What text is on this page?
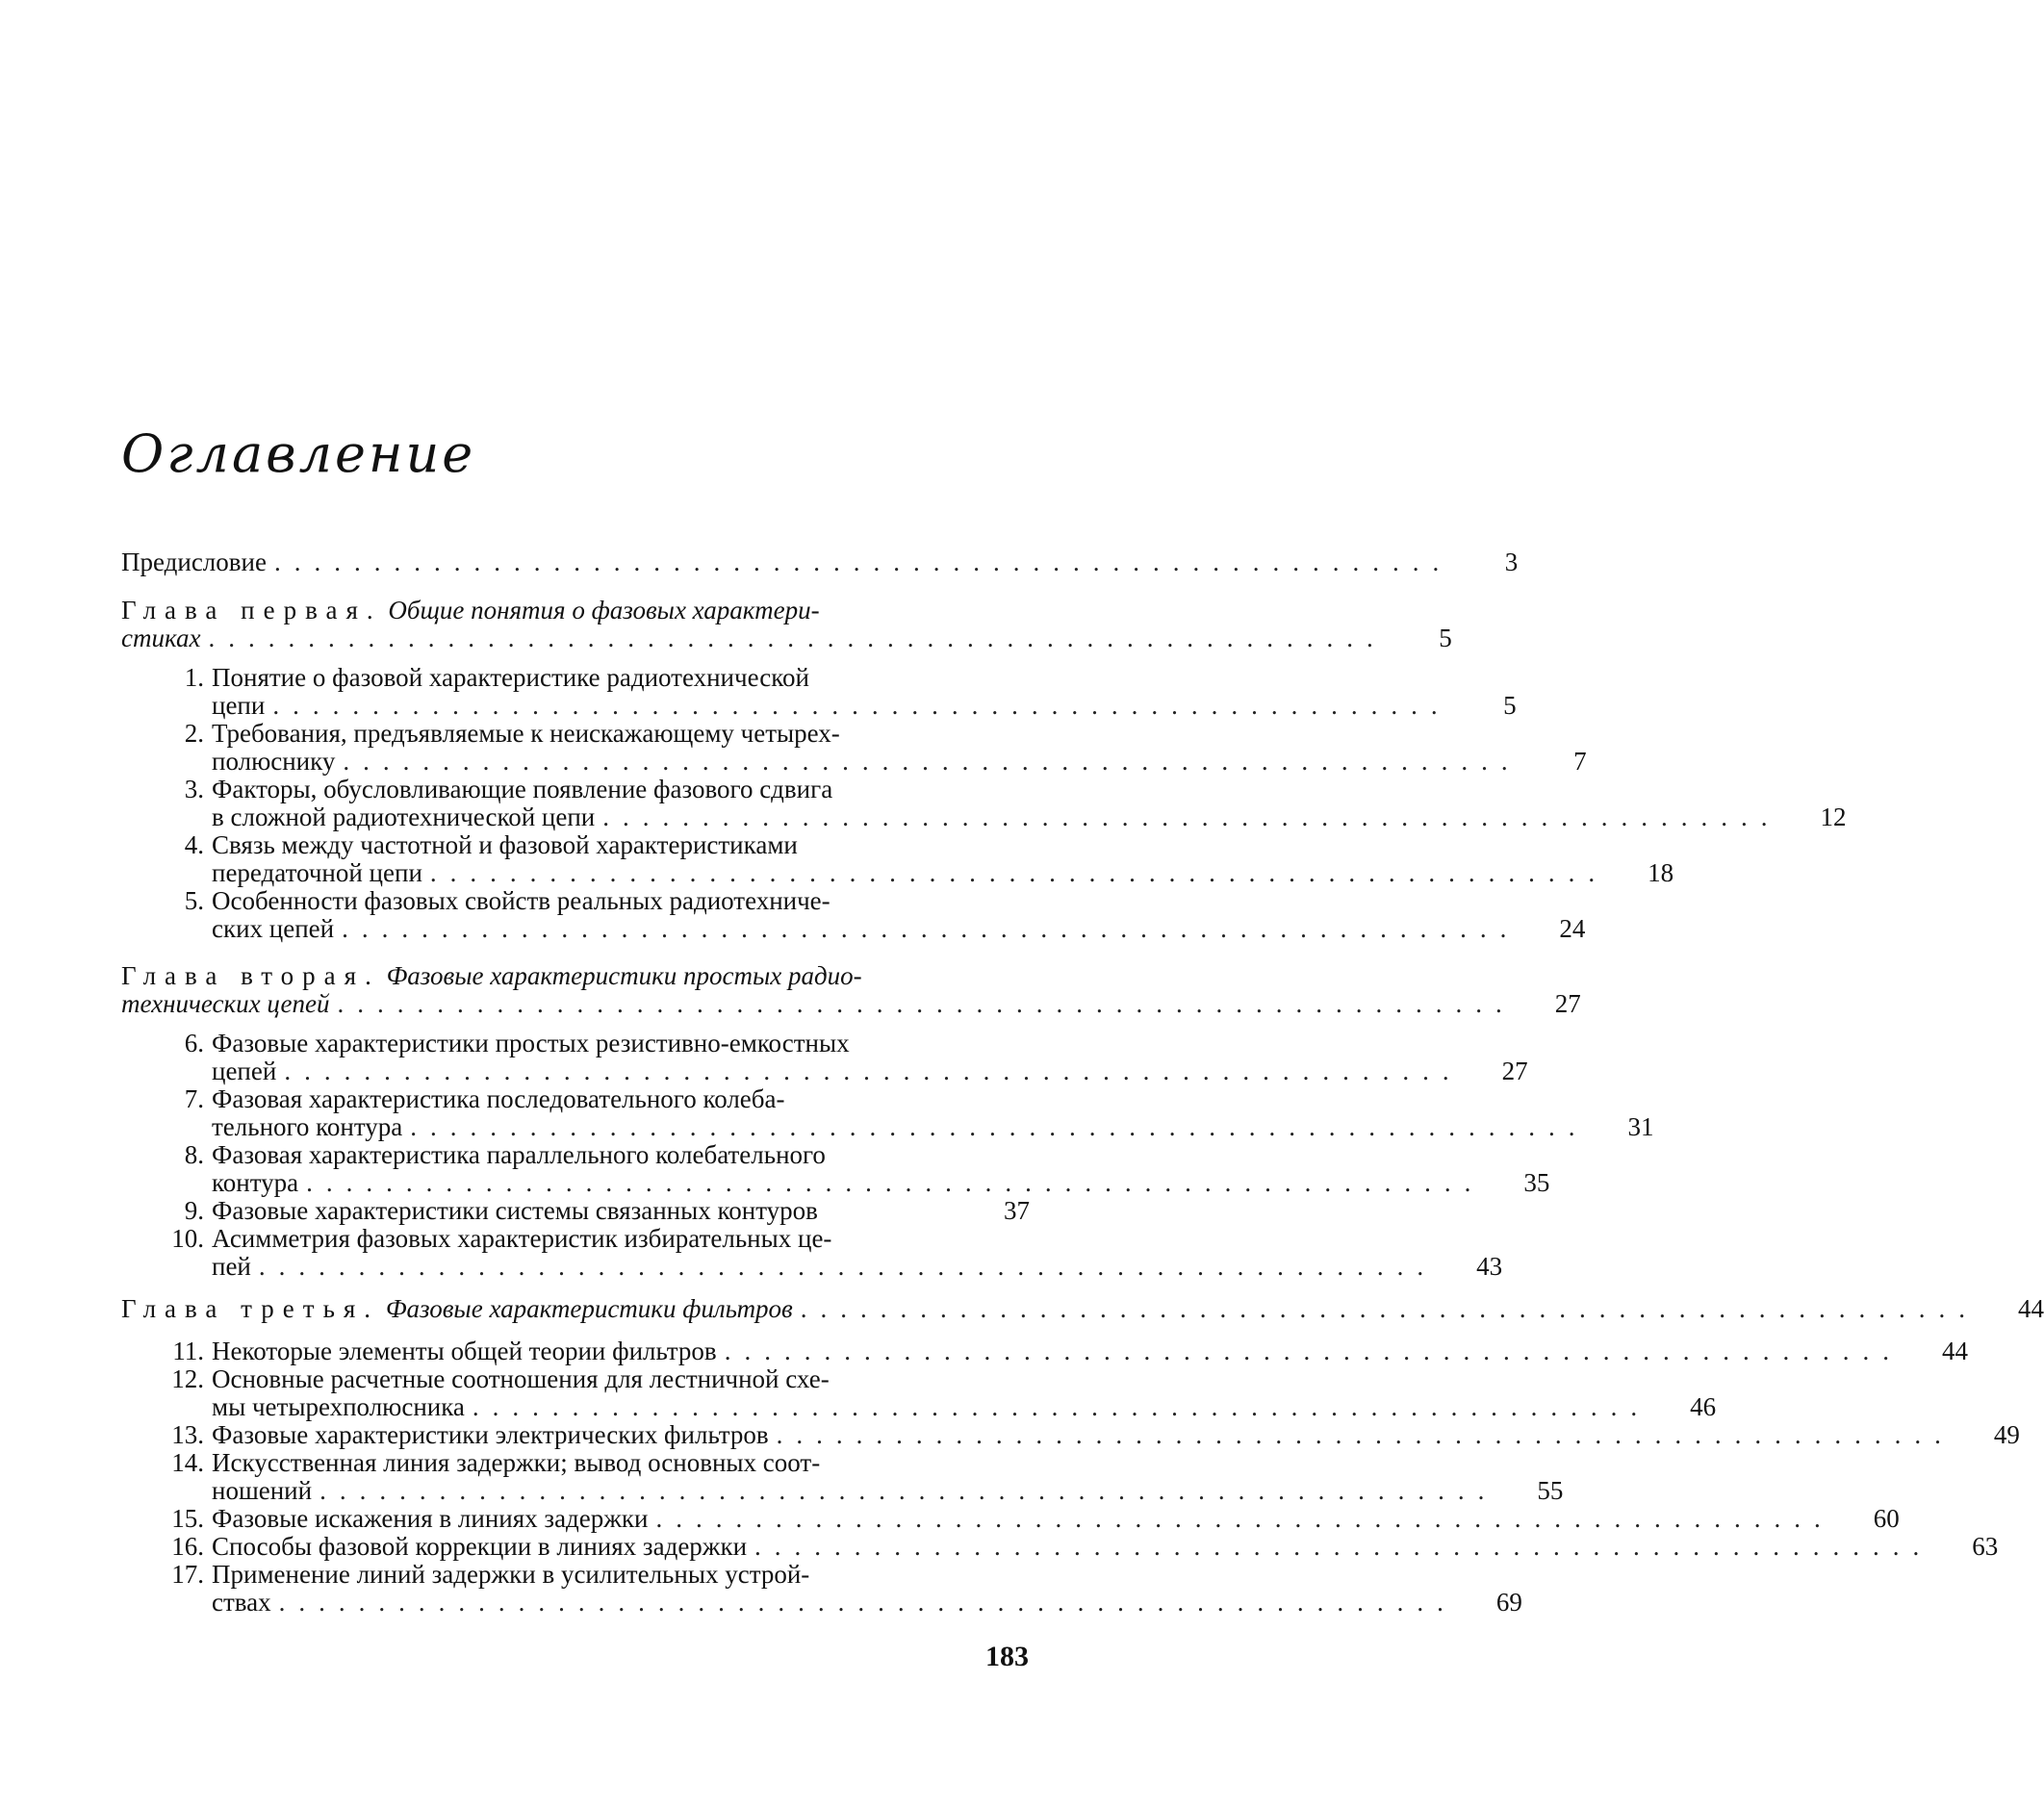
Оглавление
Предисловие ...........................................................	3
Глава первая. Общие понятия о фазовых характери-
стиках ...........................................................	5
1. Понятие о фазовой характеристике радиотехнической
цепи ...........................................................	5
2. Требования, предъявляемые к неискажающему четырех-
полюснику ...........................................................	7
3. Факторы, обусловливающие появление фазового сдвига
в сложной радиотехнической цепи ...........................................................	12
4. Связь между частотной и фазовой характеристиками
передаточной цепи ...........................................................	18
5. Особенности фазовых свойств реальных радиотехниче-
ских цепей ...........................................................	24
Глава вторая. Фазовые характеристики простых радио-
технических цепей ...........................................................	27
6. Фазовые характеристики простых резистивно-емкостных
цепей ...........................................................	27
7. Фазовая характеристика последовательного колеба-
тельного контура ...........................................................	31
8. Фазовая характеристика параллельного колебательного
контура ...........................................................	35
9. Фазовые характеристики системы связанных контуров	37
10. Асимметрия фазовых характеристик избирательных це-
пей ...........................................................	43
Глава третья. Фазовые характеристики фильтров ...........................................................	44
11. Некоторые элементы общей теории фильтров ...........................................................	44
12. Основные расчетные соотношения для лестничной схе-
мы четырехполюсника ...........................................................	46
13. Фазовые характеристики электрических фильтров ...........................................................	49
14. Искусственная линия задержки; вывод основных соот-
ношений ...........................................................	55
15. Фазовые искажения в линиях задержки ...........................................................	60
16. Способы фазовой коррекции в линиях задержки ...........................................................	63
17. Применение линий задержки в усилительных устрой-
ствах ...........................................................	69
183
